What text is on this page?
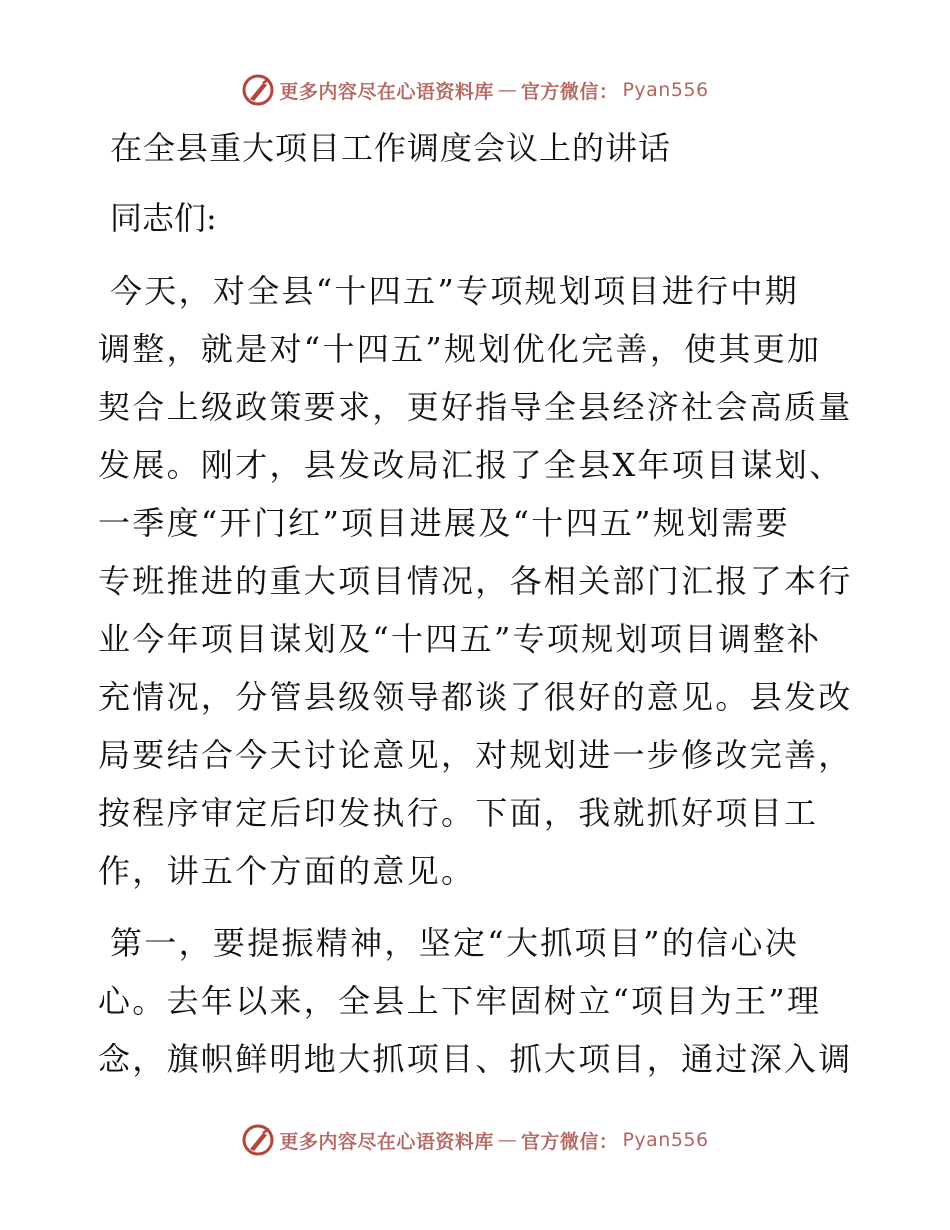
更多内容尽在心语资料库 — 官方微信： Pyan556
在全县重大项目工作调度会议上的讲话
同志们:
今天，对全县“十四五”专项规划项目进行中期
调整，就是对“十四五”规划优化完善，使其更加
契合上级政策要求，更好指导全县经济社会高质量
发展。刚才，县发改局汇报了全县X年项目谋划、
一季度“开门红”项目进展及“十四五”规划需要
专班推进的重大项目情况，各相关部门汇报了本行
业今年项目谋划及“十四五”专项规划项目调整补
充情况，分管县级领导都谈了很好的意见。县发改
局要结合今天讨论意见，对规划进一步修改完善，
按程序审定后印发执行。下面，我就抓好项目工
作，讲五个方面的意见。
第一，要提振精神，坚定“大抓项目”的信心决
心。去年以来，全县上下牢固树立“项目为王”理
念，旗帜鲜明地大抓项目、抓大项目，通过深入调
更多内容尽在心语资料库 — 官方微信： Pyan556
